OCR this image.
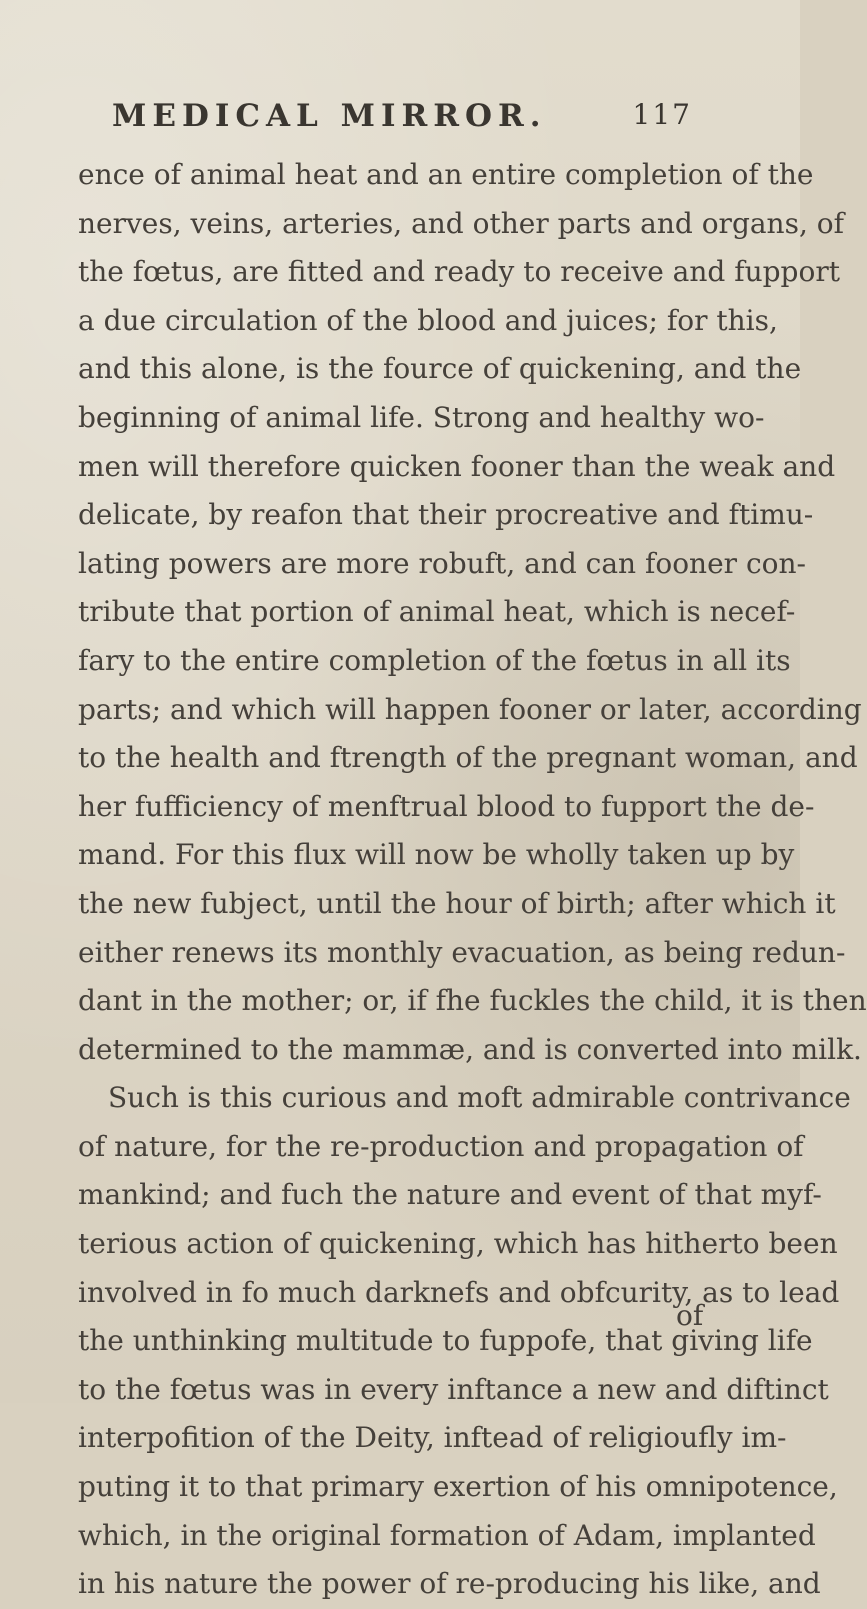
MEDICAL MIRROR.	117
ence of animal heat and an entire completion of the
nerves, veins, arteries, and other parts and organs, of
the fœtus, are fitted and ready to receive and fupport
a due circulation of the blood and juices; for this,
and this alone, is the fource of quickening, and the
beginning of animal life. Strong and healthy wo-
men will therefore quicken fooner than the weak and
delicate, by reafon that their procreative and ftimu-
lating powers are more robuft, and can fooner con-
tribute that portion of animal heat, which is necef-
fary to the entire completion of the fœtus in all its
parts; and which will happen fooner or later, according
to the health and ftrength of the pregnant woman, and
her fufficiency of menftrual blood to fupport the de-
mand. For this flux will now be wholly taken up by
the new fubject, until the hour of birth; after which it
either renews its monthly evacuation, as being redun-
dant in the mother; or, if fhe fuckles the child, it is then
determined to the mammæ, and is converted into milk.
Such is this curious and moft admirable contrivance
of nature, for the re-production and propagation of
mankind; and fuch the nature and event of that myf-
terious action of quickening, which has hitherto been
involved in fo much darknefs and obfcurity, as to lead
the unthinking multitude to fuppofe, that giving life
to the fœtus was in every inftance a new and diftinct
interpofition of the Deity, inftead of religioufly im-
puting it to that primary exertion of his omnipotence,
which, in the original formation of Adam, implanted
in his nature the power of re-producing his like, and
of
